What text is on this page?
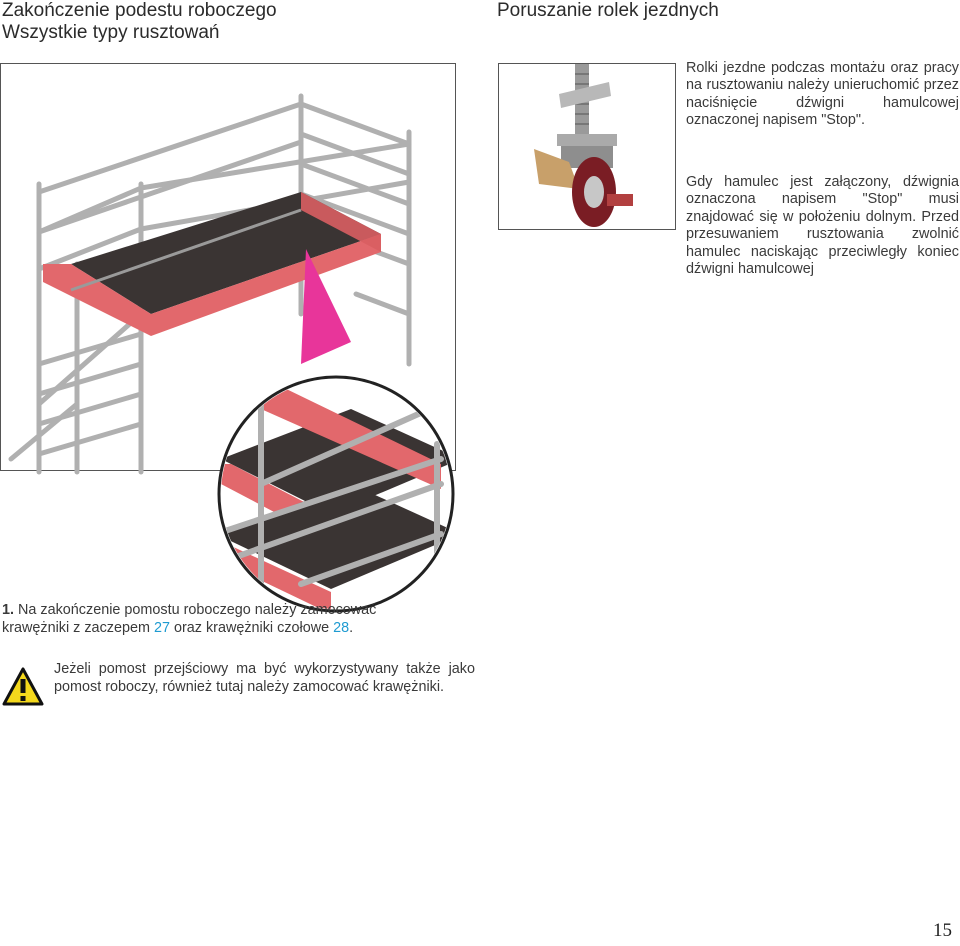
Zakończenie podestu roboczego
Wszystkie typy rusztowań
Poruszanie rolek jezdnych
Rolki jezdne podczas montażu oraz pracy na rusztowaniu należy unieruchomić przez naciśnięcie dźwigni hamulcowej oznaczonej napisem "Stop".
Gdy hamulec jest załączony, dźwignia oznaczona napisem "Stop" musi znajdować się w położeniu dolnym. Przed przesuwaniem rusztowania zwolnić hamulec naciskając przeciwległy koniec dźwigni hamulcowej
1. Na zakończenie pomostu roboczego należy zamocować krawężniki z zaczepem 27 oraz krawężniki czołowe 28.
Jeżeli pomost przejściowy ma być wykorzystywany także jako pomost roboczy, również tutaj należy zamocować krawężniki.
15
